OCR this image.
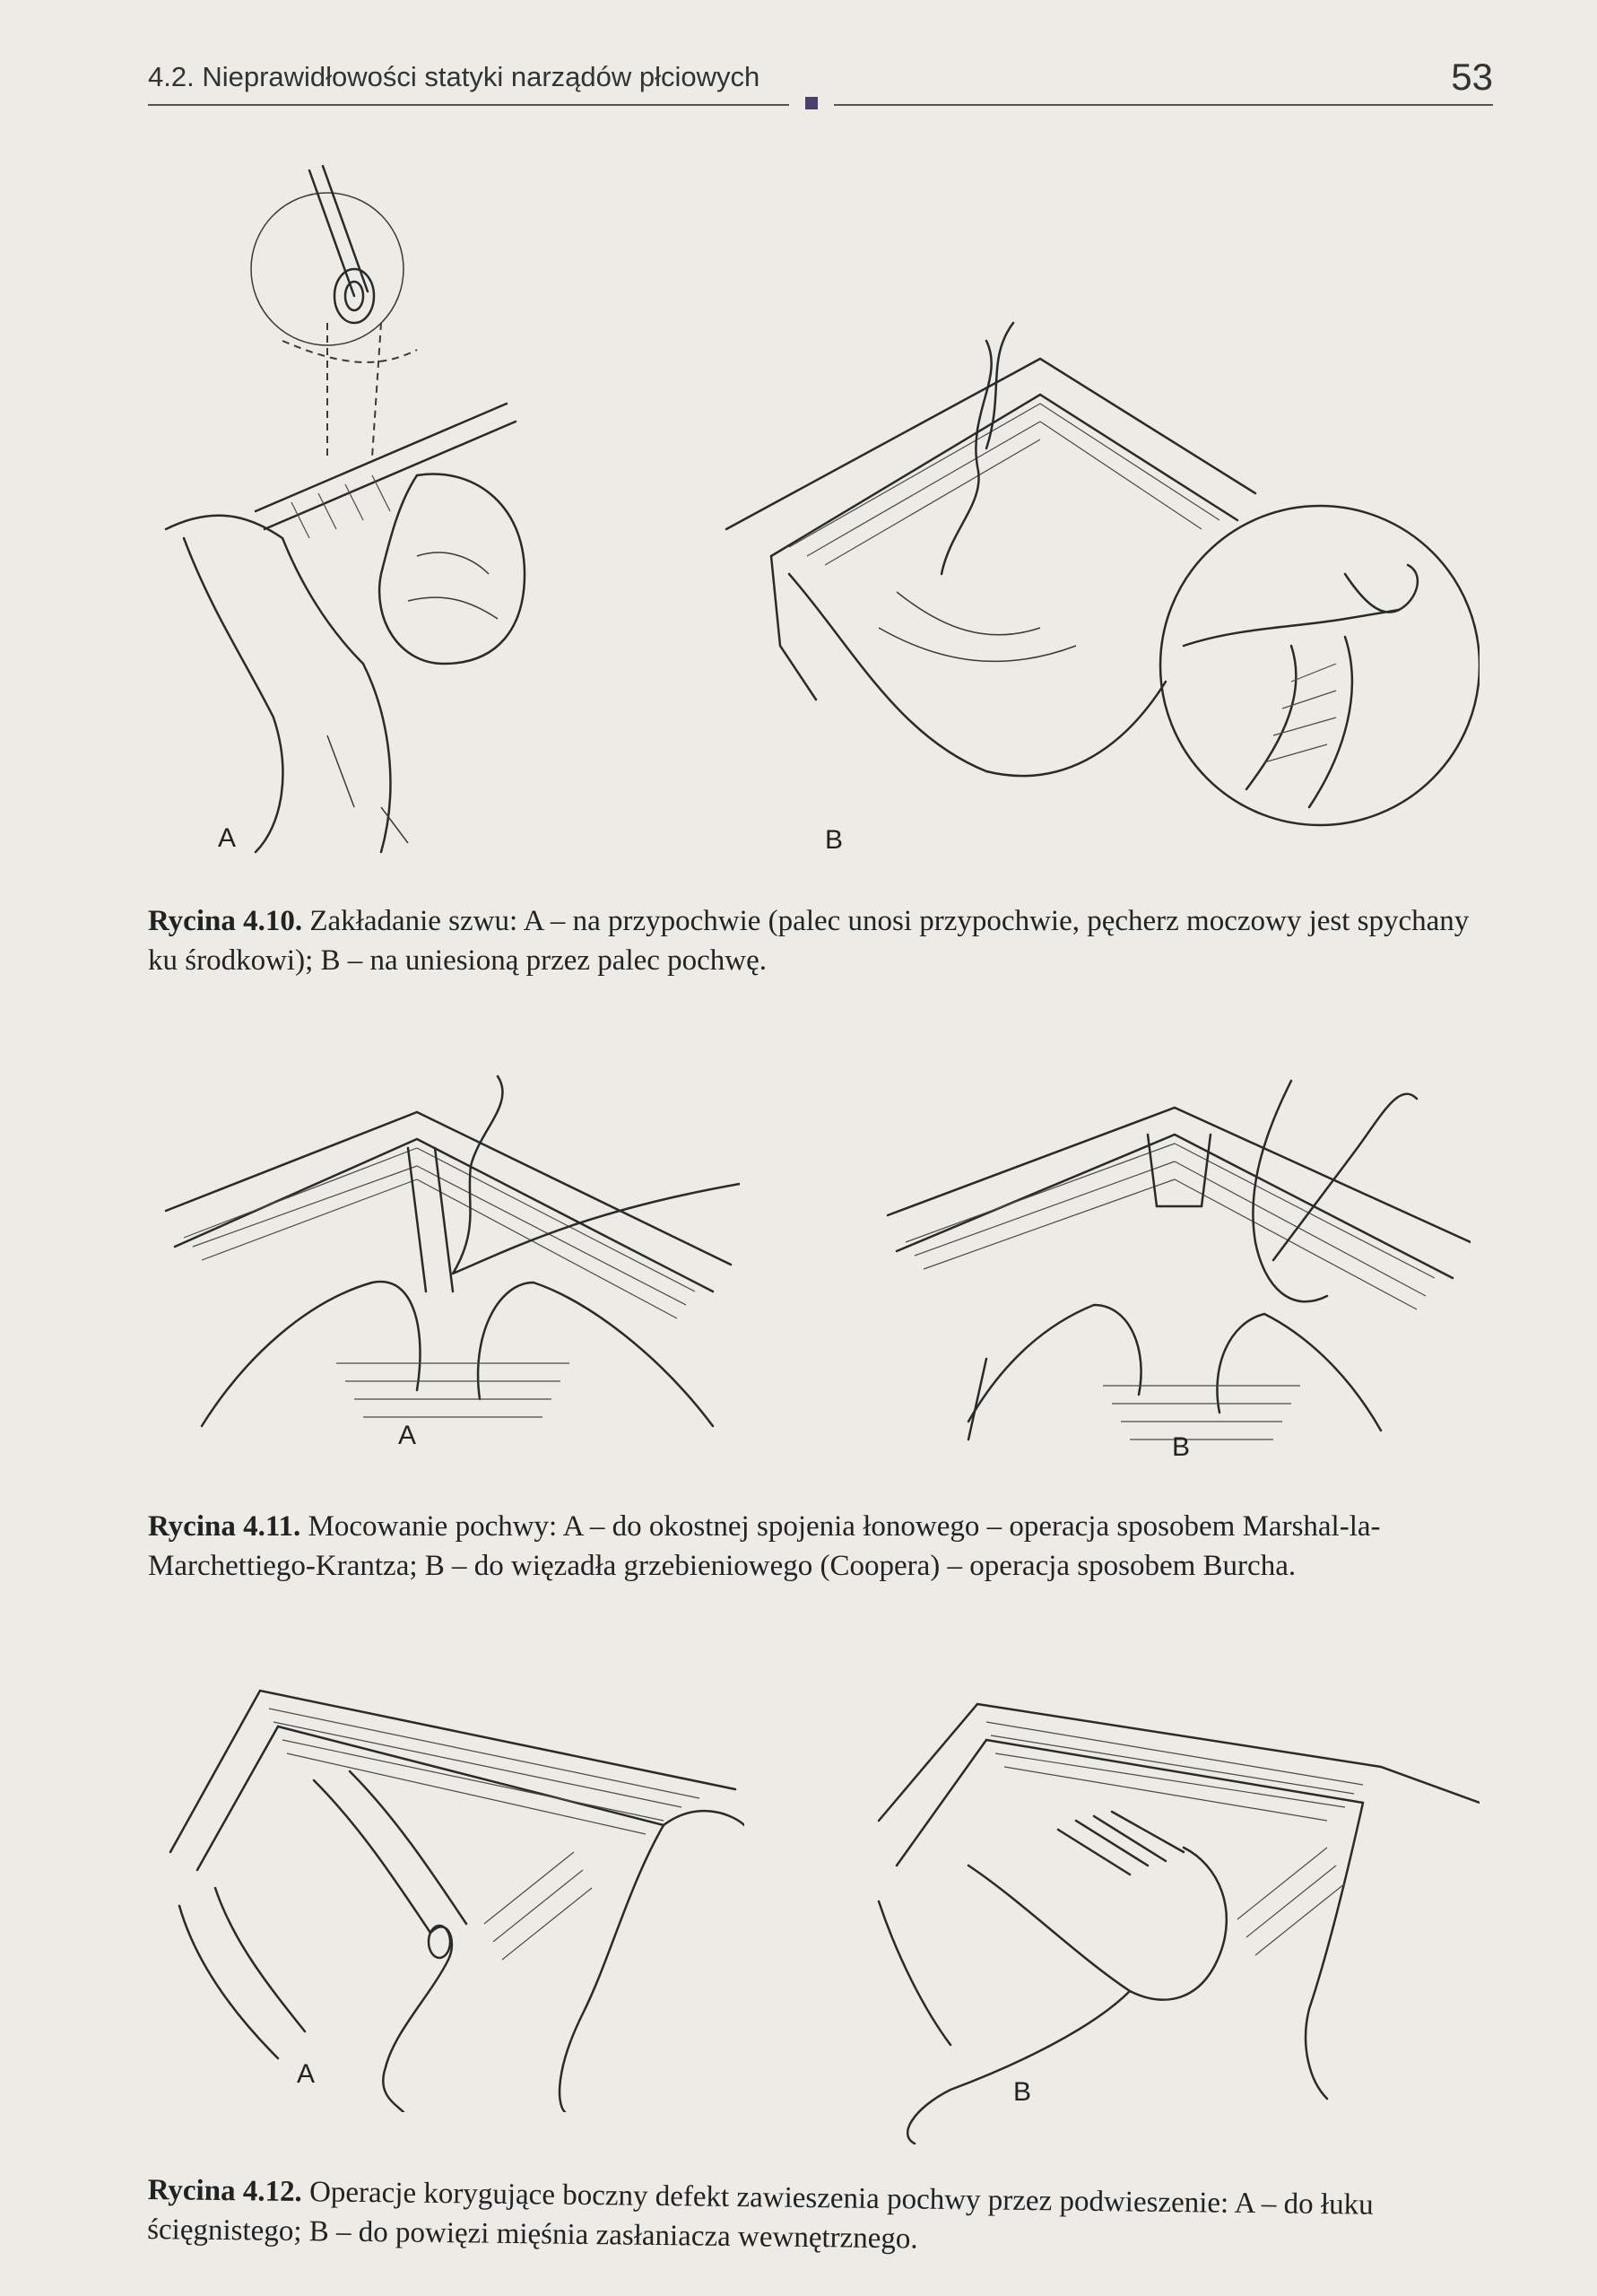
4.2. Nieprawidłowości statyki narządów płciowych	53
A	B
Rycina 4.10. Zakładanie szwu: A – na przypochwie (palec unosi przypochwie, pęcherz moczowy jest spychany ku środkowi); B – na uniesioną przez palec pochwę.
A	B
Rycina 4.11. Mocowanie pochwy: A – do okostnej spojenia łonowego – operacja sposobem Marshal-la-Marchettiego-Krantza; B – do więzadła grzebieniowego (Coopera) – operacja sposobem Burcha.
A
B
Rycina 4.12. Operacje korygujące boczny defekt zawieszenia pochwy przez podwieszenie: A – do łuku ścięgnistego; B – do powięzi mięśnia zasłaniacza wewnętrznego.
